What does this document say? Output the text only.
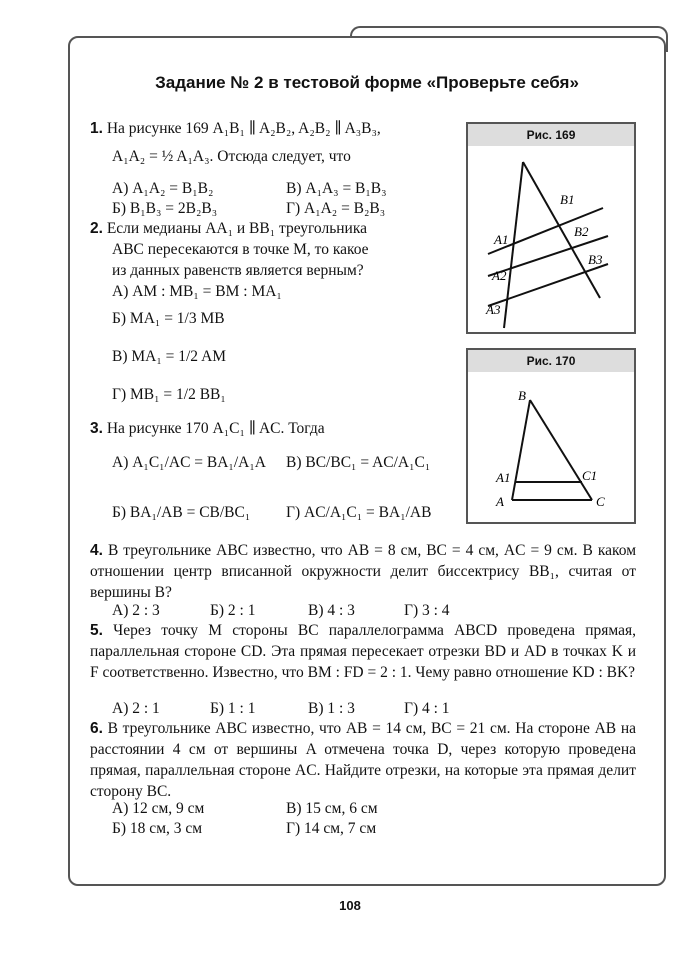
Задание № 2 в тестовой форме «Проверьте себя»
1. На рисунке 169 A₁B₁ ∥ A₂B₂, A₂B₂ ∥ A₃B₃,
A₁A₂ = ½ A₁A₃. Отсюда следует, что
А) A₁A₂ = B₁B₂	В) A₁A₃ = B₁B₃
Б) B₁B₃ = 2B₂B₃	Г) A₁A₂ = B₂B₃
2. Если медианы AA₁ и BB₁ треугольника
ABC пересекаются в точке M, то какое
из данных равенств является верным?
А) AM : MB₁ = BM : MA₁
Б) MA₁ = 1/3 MB
В) MA₁ = 1/2 AM
Г) MB₁ = 1/2 BB₁
3. На рисунке 170 A₁C₁ ∥ AC. Тогда
А) A₁C₁/AC = BA₁/A₁A В) BC/BC₁ = AC/A₁C₁
Б) BA₁/AB = CB/BC₁ Г) AC/A₁C₁ = BA₁/AB
Рис. 169
A1
A2
A3
B1
B2
B3
Рис. 170
B
A1	C1
A	C
4. В треугольнике ABC известно, что AB = 8 см, BC = 4 см, AC = 9 см. В каком отношении центр вписанной окружности делит биссектрису BB₁, считая от вершины B?
А) 2 : 3	Б) 2 : 1	В) 4 : 3	Г) 3 : 4
5. Через точку M стороны BC параллелограмма ABCD проведена прямая, параллельная стороне CD. Эта прямая пересекает отрезки BD и AD в точках K и F соответственно. Известно, что BM : FD = 2 : 1. Чему равно отношение KD : BK?
А) 2 : 1	Б) 1 : 1	В) 1 : 3	Г) 4 : 1
6. В треугольнике ABC известно, что AB = 14 см, BC = 21 см. На стороне AB на расстоянии 4 см от вершины A отмечена точка D, через которую проведена прямая, параллельная стороне AC. Найдите отрезки, на которые эта прямая делит сторону BC.
А) 12 см, 9 см	В) 15 см, 6 см
Б) 18 см, 3 см	Г) 14 см, 7 см
108
